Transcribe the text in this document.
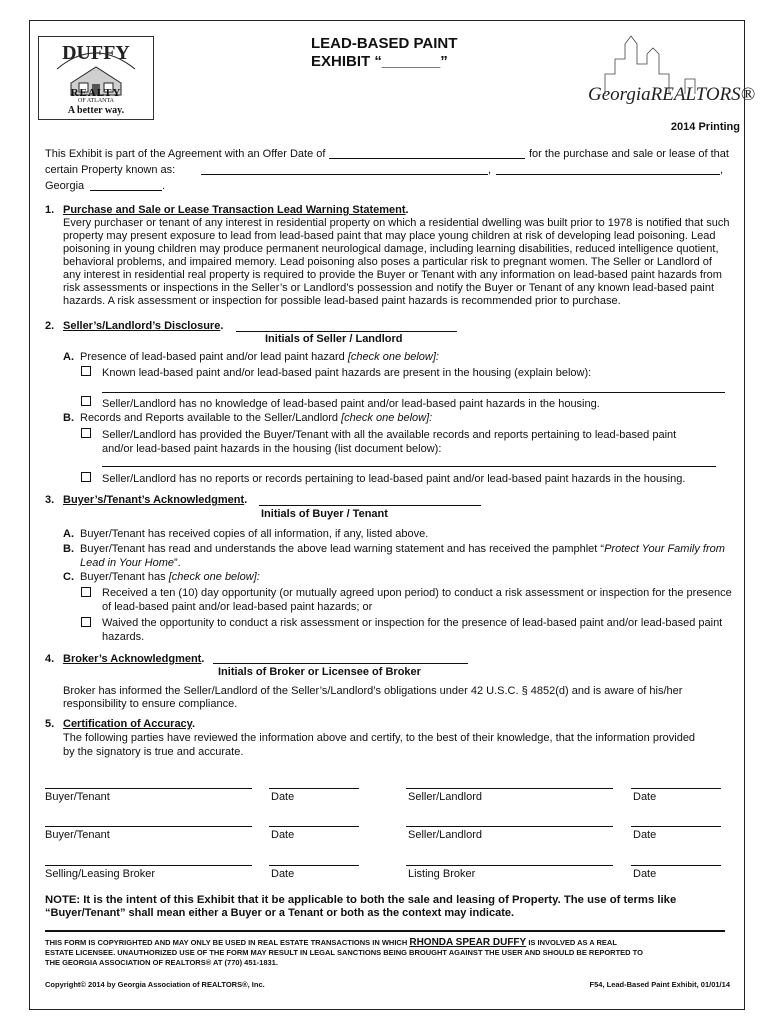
DUFFY
REALTY
OF ATLANTA
A better way.
LEAD-BASED PAINT
EXHIBIT “_______”
GeorgiaREALTORS®
2014 Printing
This Exhibit is part of the Agreement with an Offer Date of	for the purchase and sale or lease of that
certain Property known as:	,	,
Georgia	.
1. Purchase and Sale or Lease Transaction Lead Warning Statement.
Every purchaser or tenant of any interest in residential property on which a residential dwelling was built prior to 1978 is notified that such
property may present exposure to lead from lead-based paint that may place young children at risk of developing lead poisoning. Lead
poisoning in young children may produce permanent neurological damage, including learning disabilities, reduced intelligence quotient,
behavioral problems, and impaired memory. Lead poisoning also poses a particular risk to pregnant women. The Seller or Landlord of
any interest in residential real property is required to provide the Buyer or Tenant with any information on lead-based paint hazards from
risk assessments or inspections in the Seller’s or Landlord’s possession and notify the Buyer or Tenant of any known lead-based paint
hazards. A risk assessment or inspection for possible lead-based paint hazards is recommended prior to purchase.
2. Seller’s/Landlord’s Disclosure.
Initials of Seller / Landlord
A. Presence of lead-based paint and/or lead paint hazard [check one below]:
Known lead-based paint and/or lead-based paint hazards are present in the housing (explain below):
Seller/Landlord has no knowledge of lead-based paint and/or lead-based paint hazards in the housing.
B. Records and Reports available to the Seller/Landlord [check one below]:
Seller/Landlord has provided the Buyer/Tenant with all the available records and reports pertaining to lead-based paint
and/or lead-based paint hazards in the housing (list document below):
Seller/Landlord has no reports or records pertaining to lead-based paint and/or lead-based paint hazards in the housing.
3. Buyer’s/Tenant’s Acknowledgment.
Initials of Buyer / Tenant
A. Buyer/Tenant has received copies of all information, if any, listed above.
B. Buyer/Tenant has read and understands the above lead warning statement and has received the pamphlet “Protect Your Family from
Lead in Your Home”.
C. Buyer/Tenant has [check one below]:
Received a ten (10) day opportunity (or mutually agreed upon period) to conduct a risk assessment or inspection for the presence
of lead-based paint and/or lead-based paint hazards; or
Waived the opportunity to conduct a risk assessment or inspection for the presence of lead-based paint and/or lead-based paint
hazards.
4. Broker’s Acknowledgment.
Initials of Broker or Licensee of Broker
Broker has informed the Seller/Landlord of the Seller’s/Landlord’s obligations under 42 U.S.C. § 4852(d) and is aware of his/her
responsibility to ensure compliance.
5. Certification of Accuracy.
The following parties have reviewed the information above and certify, to the best of their knowledge, that the information provided
by the signatory is true and accurate.
Buyer/Tenant	Date	Seller/Landlord	Date
Buyer/Tenant	Date	Seller/Landlord	Date
Selling/Leasing Broker	Date	Listing Broker	Date
NOTE: It is the intent of this Exhibit that it be applicable to both the sale and leasing of Property. The use of terms like
“Buyer/Tenant” shall mean either a Buyer or a Tenant or both as the context may indicate.
THIS FORM IS COPYRIGHTED AND MAY ONLY BE USED IN REAL ESTATE TRANSACTIONS IN WHICH RHONDA SPEAR DUFFY IS INVOLVED AS A REAL
ESTATE LICENSEE. UNAUTHORIZED USE OF THE FORM MAY RESULT IN LEGAL SANCTIONS BEING BROUGHT AGAINST THE USER AND SHOULD BE REPORTED TO
THE GEORGIA ASSOCIATION OF REALTORS® AT (770) 451-1831.
Copyright© 2014 by Georgia Association of REALTORS®, Inc.	F54, Lead-Based Paint Exhibit, 01/01/14
